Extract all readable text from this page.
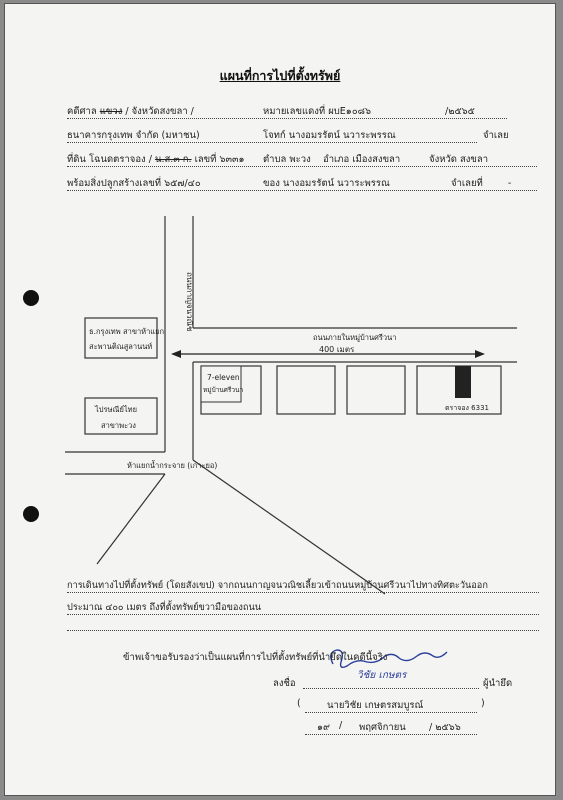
แผนที่การไปที่ตั้งทรัพย์
คดีศาล แขวง / จังหวัดสงขลา /	หมายเลขแดงที่ ผบE๑๐๘๖	/๒๕๖๕
ธนาคารกรุงเทพ จำกัด (มหาชน)	โจทก์ นางอมรรัตน์ นวาระพรรณ	จำเลย
ที่ดิน โฉนดตราจอง / น.ส.๓ ก. เลขที่ ๖๓๓๑ ตำบล พะวง อำเภอ เมืองสงขลา	จังหวัด สงขลา
พร้อมสิ่งปลูกสร้างเลขที่ ๖๕๗/๔๐	ของ นางอมรรัตน์ นวาระพรรณ	จำเลยที่	-
ถนนกาญจนวณิช
ถนนภายในหมู่บ้านศรีวนา
400 เมตร
7-eleven
หมู่บ้านศรีวนา
ตราจอง 6331
ธ.กรุงเทพ สาขาห้าแยก
สะพานติณสูลานนท์
ไปรษณีย์ไทย
สาขาพะวง
ห้าแยกน้ำกระจาย (เกาะยอ)
การเดินทางไปที่ตั้งทรัพย์ (โดยสังเขป) จากถนนกาญจนวณิชเลี้ยวเข้าถนนหมู่บ้านศรีวนาไปทางทิศตะวันออก
ประมาณ ๔๐๐ เมตร ถึงที่ตั้งทรัพย์ขวามือของถนน
ข้าพเจ้าขอรับรองว่าเป็นแผนที่การไปที่ตั้งทรัพย์ที่นำยึดในคดีนี้จริง
ลงชื่อ
วิชัย เกษตร
ผู้นำยึด
(	นายวิชัย เกษตรสมบูรณ์	)
๑๙ / พฤศจิกายน / ๒๕๖๖
